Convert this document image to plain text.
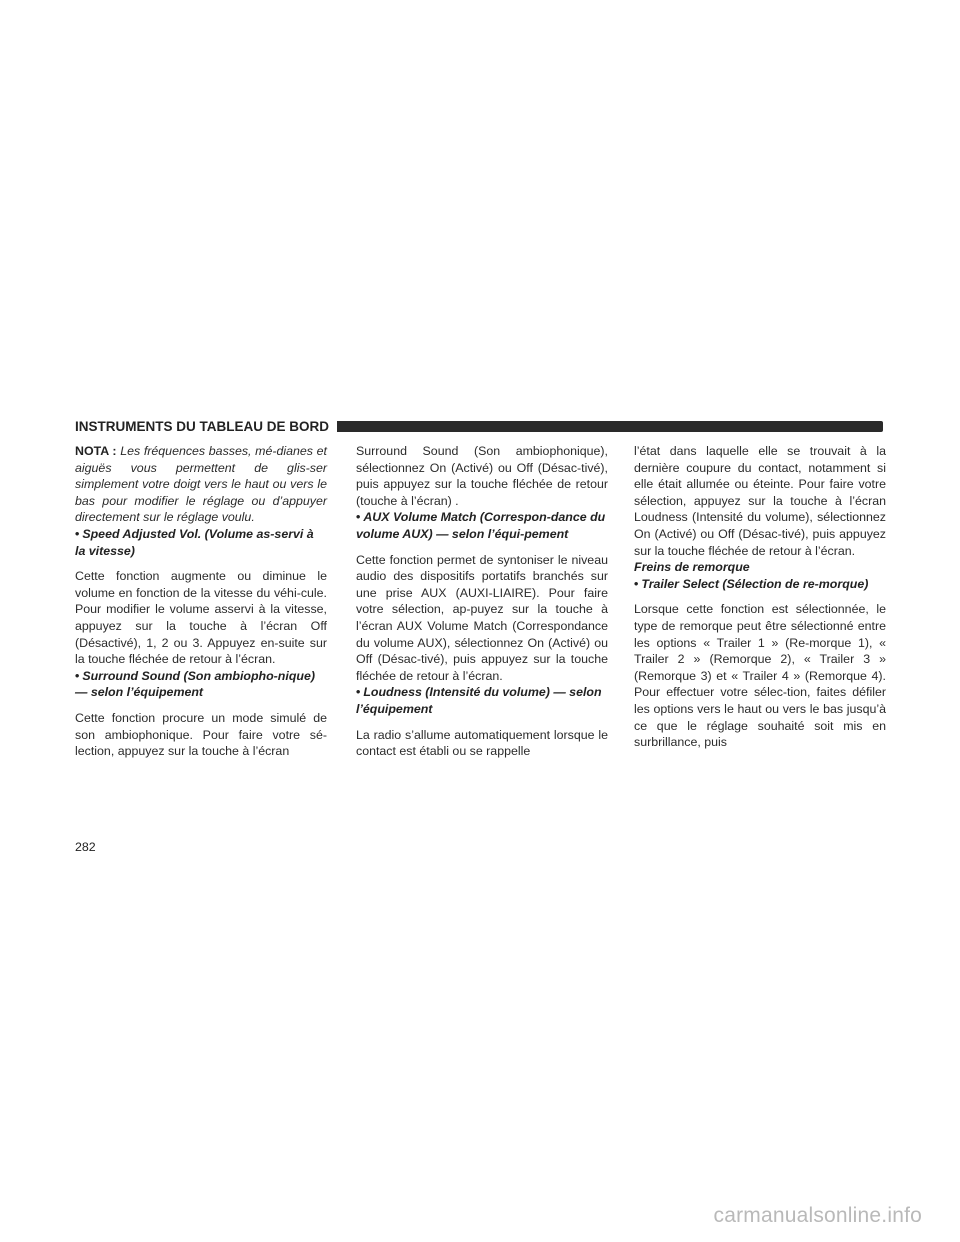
INSTRUMENTS DU TABLEAU DE BORD

NOTA : Les fréquences basses, mé-dianes et aiguës vous permettent de glis-ser simplement votre doigt vers le haut ou vers le bas pour modifier le réglage ou d’appuyer directement sur le réglage voulu.

• Speed Adjusted Vol. (Volume as-servi à la vitesse)

Cette fonction augmente ou diminue le volume en fonction de la vitesse du véhi-cule. Pour modifier le volume asservi à la vitesse, appuyez sur la touche à l’écran Off (Désactivé), 1, 2 ou 3. Appuyez en-suite sur la touche fléchée de retour à l’écran.

• Surround Sound (Son ambiopho-nique) — selon l’équipement

Cette fonction procure un mode simulé de son ambiophonique. Pour faire votre sé-lection, appuyez sur la touche à l’écran

Surround Sound (Son ambiophonique), sélectionnez On (Activé) ou Off (Désac-tivé), puis appuyez sur la touche fléchée de retour (touche à l’écran) .

• AUX Volume Match (Correspon-dance du volume AUX) — selon l’équi-pement

Cette fonction permet de syntoniser le niveau audio des dispositifs portatifs branchés sur une prise AUX (AUXI-LIAIRE). Pour faire votre sélection, ap-puyez sur la touche à l’écran AUX Volume Match (Correspondance du volume AUX), sélectionnez On (Activé) ou Off (Désac-tivé), puis appuyez sur la touche fléchée de retour à l’écran.

• Loudness (Intensité du volume) — selon l’équipement

La radio s’allume automatiquement lorsque le contact est établi ou se rappelle

l’état dans laquelle elle se trouvait à la dernière coupure du contact, notamment si elle était allumée ou éteinte. Pour faire votre sélection, appuyez sur la touche à l’écran Loudness (Intensité du volume), sélectionnez On (Activé) ou Off (Désac-tivé), puis appuyez sur la touche fléchée de retour à l’écran.

Freins de remorque

• Trailer Select (Sélection de re-morque)

Lorsque cette fonction est sélectionnée, le type de remorque peut être sélectionné entre les options « Trailer 1 » (Re-morque 1), « Trailer 2 » (Remorque 2), « Trailer 3 » (Remorque 3) et « Trailer 4 » (Remorque 4). Pour effectuer votre sélec-tion, faites défiler les options vers le haut ou vers le bas jusqu’à ce que le réglage souhaité soit mis en surbrillance, puis

282
carmanualsonline.info
